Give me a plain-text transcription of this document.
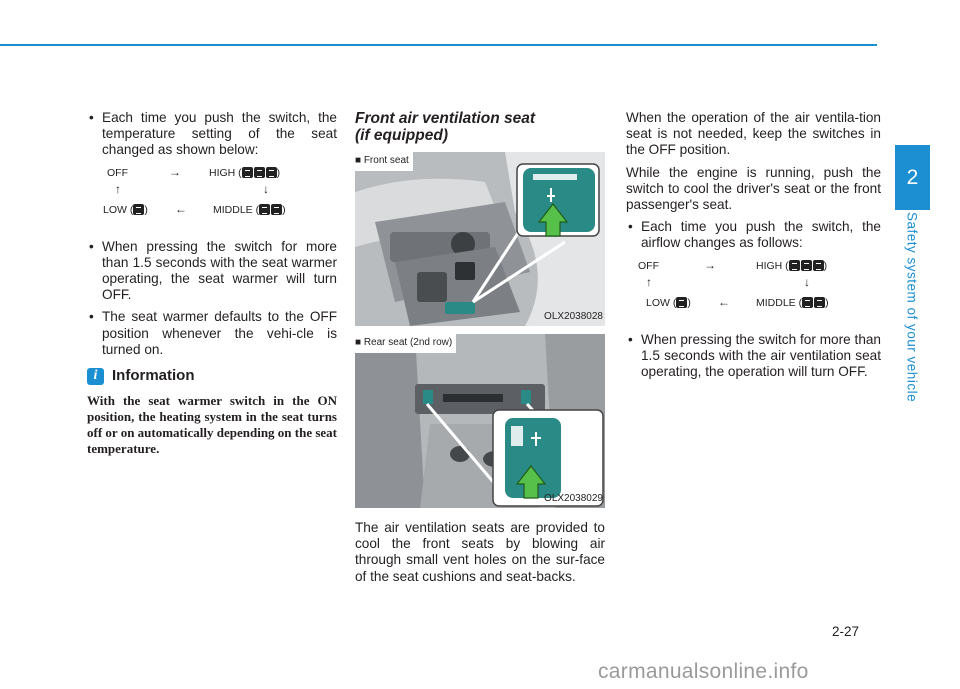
2
Safety system of your vehicle
• Each time you push the switch, the temperature setting of the seat changed as shown below:
OFF	→	HIGH (	)
↑	↓
LOW ( ) ← MIDDLE ( )
• When pressing the switch for more than 1.5 seconds with the seat warmer operating, the seat warmer will turn OFF.
• The seat warmer defaults to the OFF position whenever the vehi-cle is turned on.
i Information
With the seat warmer switch in the ON position, the heating system in the seat turns off or on automatically depending on the seat temperature.
Front air ventilation seat
(if equipped)
■ Front seat
OLX2038028
■ Rear seat (2nd row)
OLX2038029

The air ventilation seats are provided to cool the front seats by blowing air through small vent holes on the sur-face of the seat cushions and seat-backs.

When the operation of the air ventila-tion seat is not needed, keep the switches in the OFF position.

While the engine is running, push the switch to cool the driver's seat or the front passenger's seat.

• Each time you push the switch, the airflow changes as follows:
OFF	→	HIGH (	)
↑	↓
LOW ( ) ← MIDDLE ( )
• When pressing the switch for more than 1.5 seconds with the air ventilation seat operating, the operation will turn OFF.
2-27
carmanualsonline.info
